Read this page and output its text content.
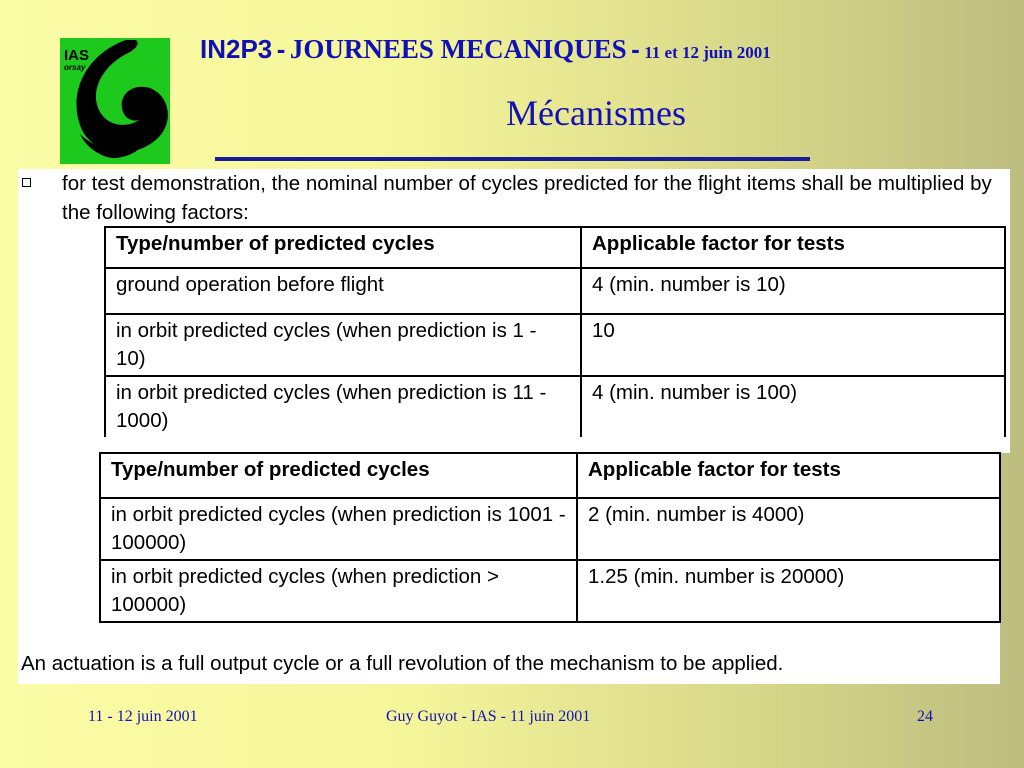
IAS
orsay
IN2P3 - JOURNEES MECANIQUES - 11 et 12 juin 2001
Mécanismes
for test demonstration, the nominal number of cycles predicted for the flight items shall be multiplied by the following factors:
Type/number of predicted cycles	Applicable factor for tests
ground operation before flight	4 (min. number is 10)
in orbit predicted cycles (when prediction is 1 - 10)	10
in orbit predicted cycles (when prediction is 11 - 1000)	4 (min. number is 100)
Type/number of predicted cycles	Applicable factor for tests
in orbit predicted cycles (when prediction is 1001 - 100000)	2 (min. number is 4000)
in orbit predicted cycles (when prediction > 100000)	1.25 (min. number is 20000)
An actuation is a full output cycle or a full revolution of the mechanism to be applied.
11 - 12 juin 2001	Guy Guyot - IAS - 11 juin 2001	24
